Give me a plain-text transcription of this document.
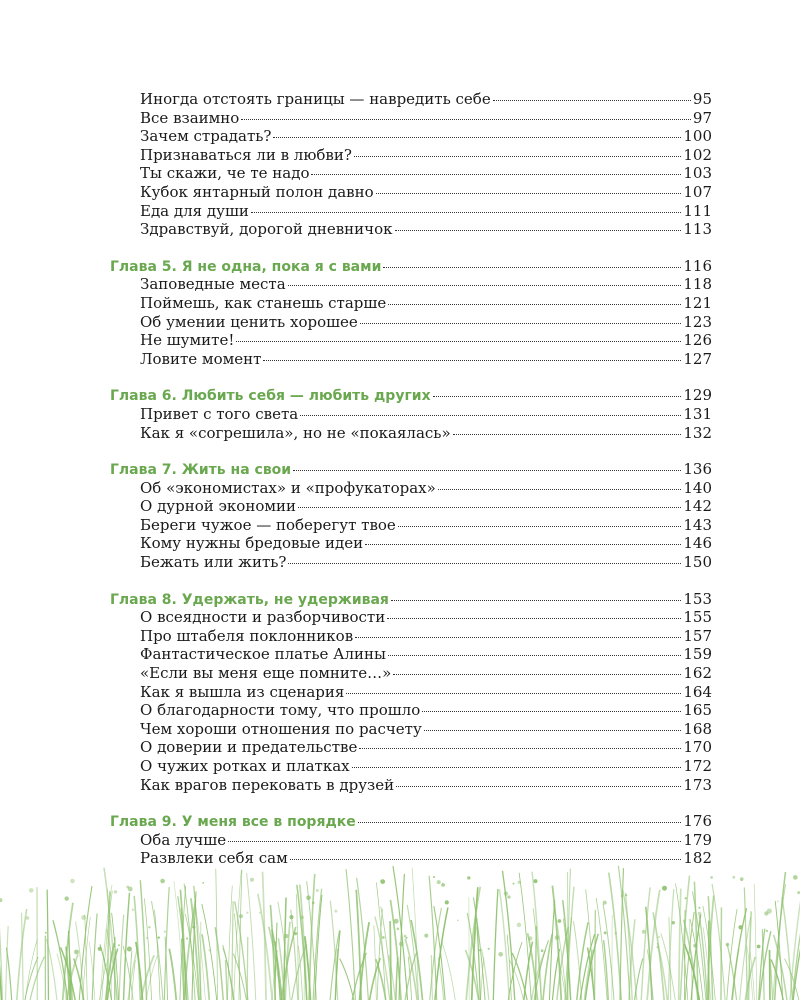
Иногда отстоять границы — навредить себе	95
Все взаимно	97
Зачем страдать?	100
Признаваться ли в любви?	102
Ты скажи, че те надо	103
Кубок янтарный полон давно	107
Еда для души	111
Здравствуй, дорогой дневничок	113
Глава 5. Я не одна, пока я с вами	116
Заповедные места	118
Поймешь, как станешь старше	121
Об умении ценить хорошее	123
Не шумите!	126
Ловите момент	127
Глава 6. Любить себя — любить других	129
Привет с того света	131
Как я «согрешила», но не «покаялась»	132
Глава 7. Жить на свои	136
Об «экономистах» и «профукаторах»	140
О дурной экономии	142
Береги чужое — поберегут твое	143
Кому нужны бредовые идеи	146
Бежать или жить?	150
Глава 8. Удержать, не удерживая	153
О всеядности и разборчивости	155
Про штабеля поклонников	157
Фантастическое платье Алины	159
«Если вы меня еще помните…»	162
Как я вышла из сценария	164
О благодарности тому, что прошло	165
Чем хороши отношения по расчету	168
О доверии и предательстве	170
О чужих ротках и платках	172
Как врагов перековать в друзей	173
Глава 9. У меня все в порядке	176
Оба лучше	179
Развлеки себя сам	182
